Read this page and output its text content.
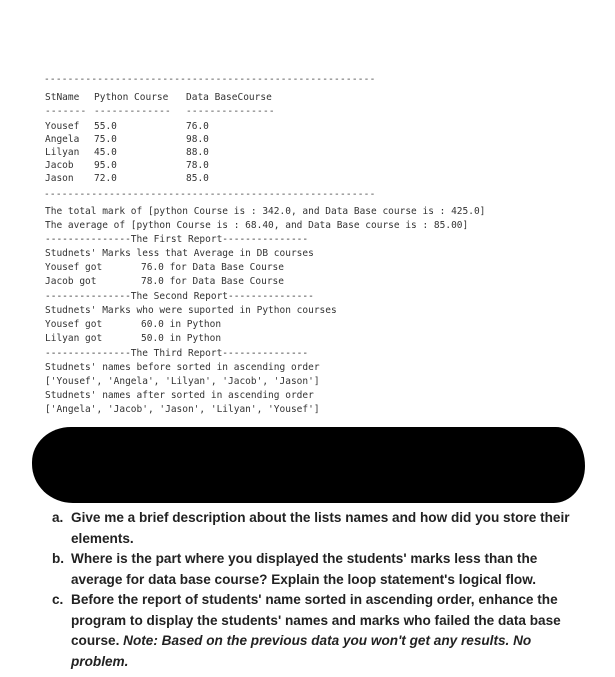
--------------------------------------------------------
StName Python Course Data BaseCourse
------- ------------- ---------------
Yousef 55.0	76.0
Angela 75.0	98.0
Lilyan 45.0	88.0
Jacob 95.0	78.0
Jason 72.0	85.0
--------------------------------------------------------
The total mark of [python Course is : 342.0, and Data Base course is : 425.0]
The average of [python Course is : 68.40, and Data Base course is : 85.00]
---------------The First Report---------------
Studnets' Marks less that Average in DB courses
Yousef got	76.0 for Data Base Course
Jacob got	78.0 for Data Base Course
---------------The Second Report---------------
Studnets' Marks who were suported in Python courses
Yousef got	60.0 in Python
Lilyan got	50.0 in Python
---------------The Third Report---------------
Studnets' names before sorted in ascending order
['Yousef', 'Angela', 'Lilyan', 'Jacob', 'Jason']
Studnets' names after sorted in ascending order
['Angela', 'Jacob', 'Jason', 'Lilyan', 'Yousef']
a. Give me a brief description about the lists names and how did you store their elements.
b. Where is the part where you displayed the students' marks less than the average for data base course? Explain the loop statement's logical flow.
c. Before the report of students' name sorted in ascending order, enhance the program to display the students' names and marks who failed the data base course. Note: Based on the previous data you won't get any results. No problem.
